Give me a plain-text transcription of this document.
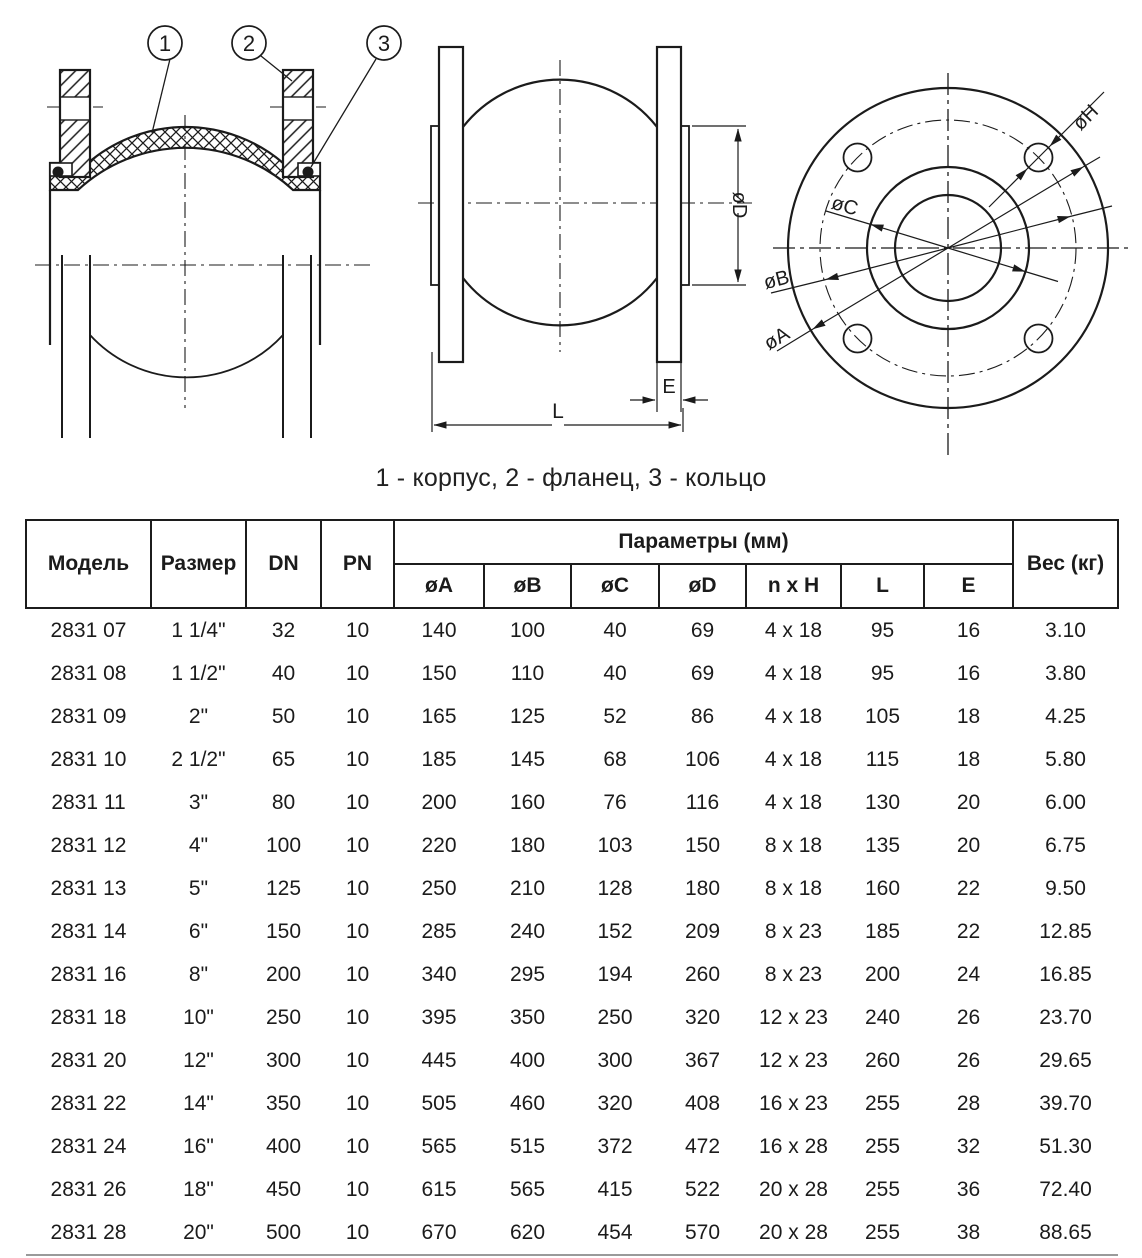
1	2	3
øD
E
L
øH
øB
øA
øC
1 - корпус, 2 - фланец, 3 - кольцо
Модель	Размер	DN	PN	Параметры (мм)							Вес (кг)
				øA	øB	øC	øD	n x H	L	E	
2831 07	1 1/4"	32	10	140	100	40	69	4 x 18	95	16	3.10
2831 08	1 1/2"	40	10	150	110	40	69	4 x 18	95	16	3.80
2831 09	2"	50	10	165	125	52	86	4 x 18	105	18	4.25
2831 10	2 1/2"	65	10	185	145	68	106	4 x 18	115	18	5.80
2831 11	3"	80	10	200	160	76	116	4 x 18	130	20	6.00
2831 12	4"	100	10	220	180	103	150	8 x 18	135	20	6.75
2831 13	5"	125	10	250	210	128	180	8 x 18	160	22	9.50
2831 14	6"	150	10	285	240	152	209	8 x 23	185	22	12.85
2831 16	8"	200	10	340	295	194	260	8 x 23	200	24	16.85
2831 18	10"	250	10	395	350	250	320	12 x 23	240	26	23.70
2831 20	12"	300	10	445	400	300	367	12 x 23	260	26	29.65
2831 22	14"	350	10	505	460	320	408	16 x 23	255	28	39.70
2831 24	16"	400	10	565	515	372	472	16 x 28	255	32	51.30
2831 26	18"	450	10	615	565	415	522	20 x 28	255	36	72.40
2831 28	20"	500	10	670	620	454	570	20 x 28	255	38	88.65
